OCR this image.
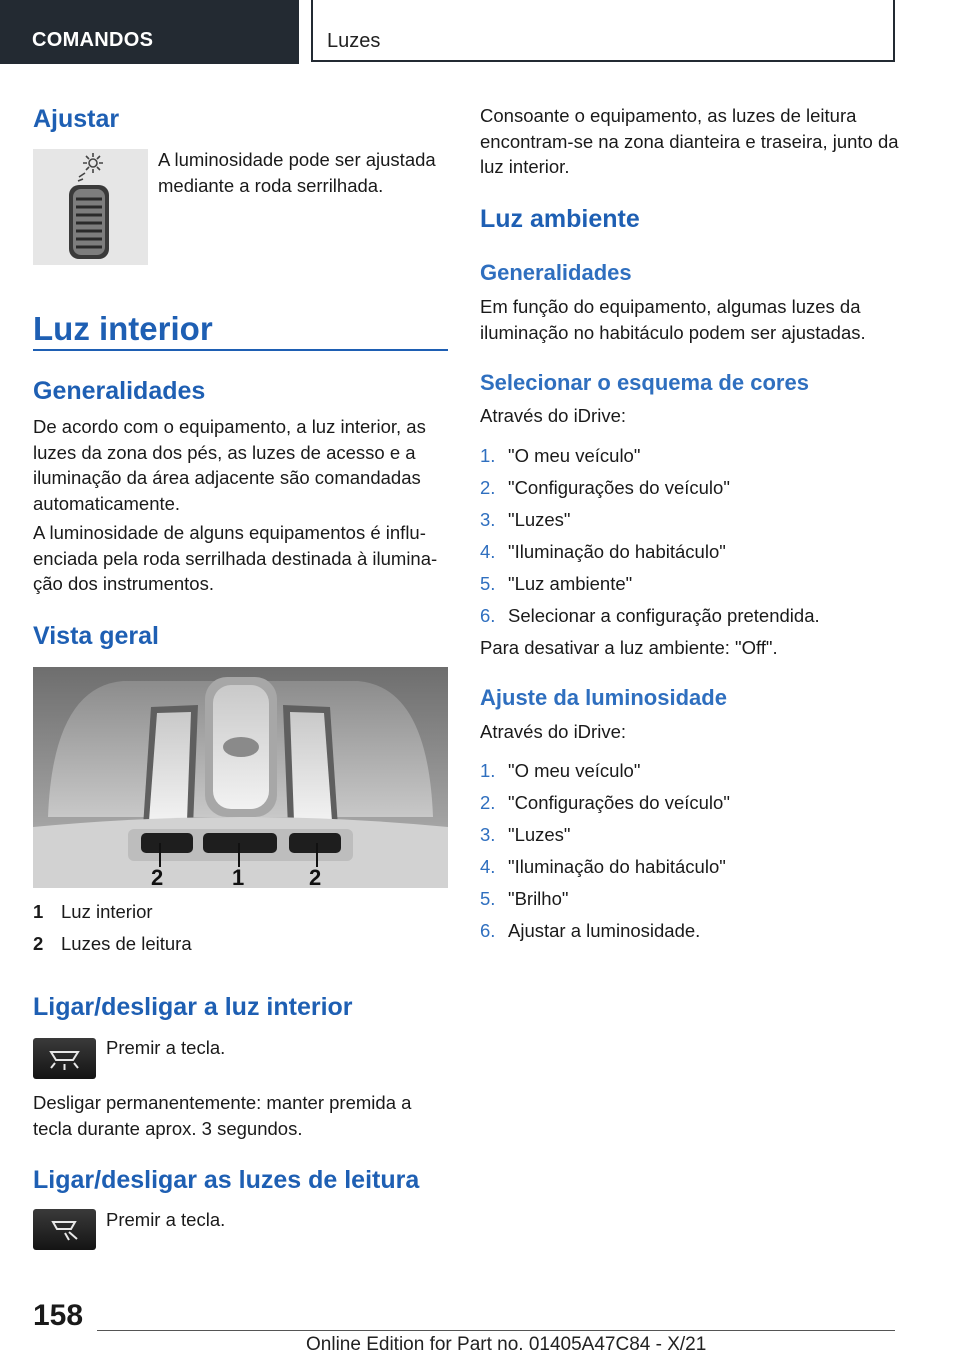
COMANDOS	Luzes
Ajustar
A luminosidade pode ser ajustada mediante a roda serrilhada.
Luz interior
Generalidades
De acordo com o equipamento, a luz interior, as luzes da zona dos pés, as luzes de acesso e a iluminação da área adjacente são comandadas automaticamente.
A luminosidade de alguns equipamentos é influenciada pela roda serrilhada destinada à iluminação dos instrumentos.
Vista geral
2	1	2
1 Luz interior
2 Luzes de leitura
Ligar/desligar a luz interior
Premir a tecla.
Desligar permanentemente: manter premida a tecla durante aprox. 3 segundos.
Ligar/desligar as luzes de leitura
Premir a tecla.
Consoante o equipamento, as luzes de leitura encontram-se na zona dianteira e traseira, junto da luz interior.
Luz ambiente
Generalidades
Em função do equipamento, algumas luzes da iluminação no habitáculo podem ser ajustadas.
Selecionar o esquema de cores
Através do iDrive:
1. "O meu veículo"
2. "Configurações do veículo"
3. "Luzes"
4. "Iluminação do habitáculo"
5. "Luz ambiente"
6. Selecionar a configuração pretendida.
Para desativar a luz ambiente: "Off".
Ajuste da luminosidade
Através do iDrive:
1. "O meu veículo"
2. "Configurações do veículo"
3. "Luzes"
4. "Iluminação do habitáculo"
5. "Brilho"
6. Ajustar a luminosidade.
158
Online Edition for Part no. 01405A47C84 - X/21
